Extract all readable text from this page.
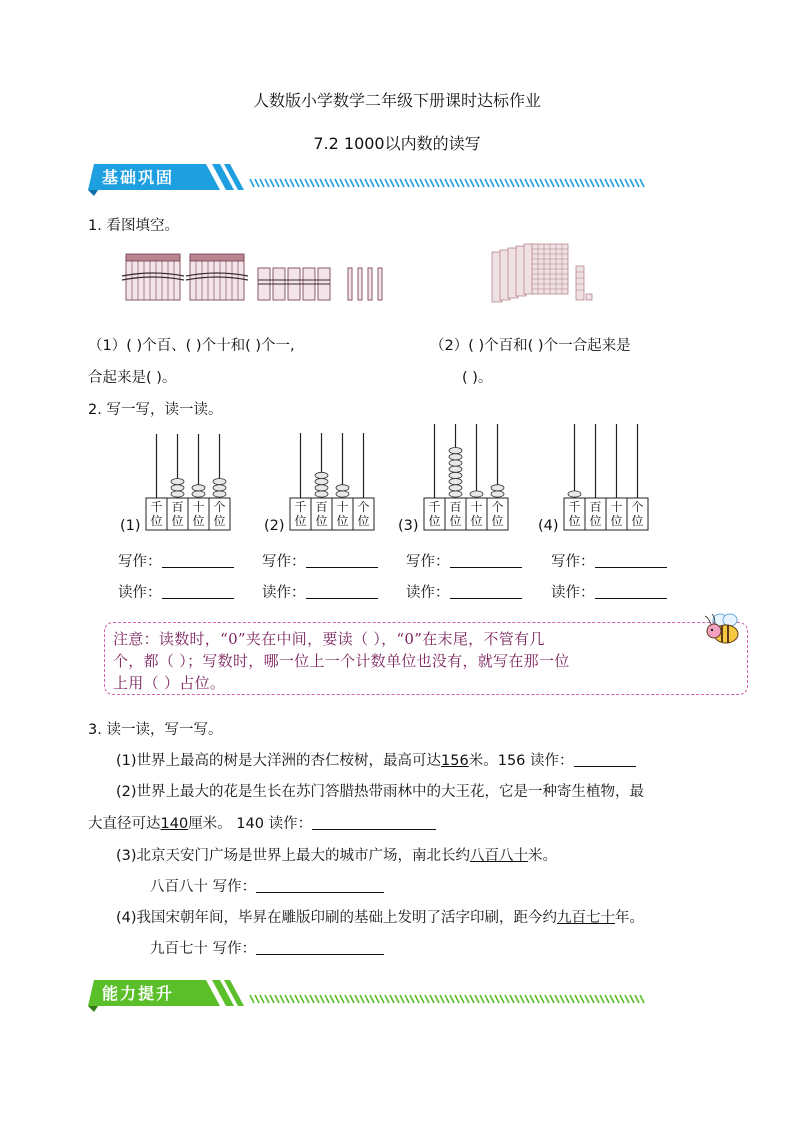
人数版小学数学二年级下册课时达标作业
7.2 1000以内数的读写
基础巩固
1. 看图填空。
（1）( )个百、( )个十和( )个一,
合起来是( )。
（2）( )个百和( )个一合起来是
( )。
2. 写一写，读一读。
(1)
千
位
百
位
十
位
个
位	(2)
千
位
百
位
十
位
个
位 (3)
千
位
百
位
十
位
个
位 (4)
千
位
百
位
十
位
个
位
写作：	写作：	写作：	写作：
读作：	读作：	读作：	读作：
注意：读数时，“0”夹在中间，要读（ ），“0”在末尾，不管有几
个，都（ ）；写数时，哪一位上一个计数单位也没有，就写在那一位
上用（ ）占位。
3. 读一读，写一写。
(1)世界上最高的树是大洋洲的杏仁桉树，最高可达156米。156 读作：
(2)世界上最大的花是生长在苏门答腊热带雨林中的大王花，它是一种寄生植物，最
大直径可达140厘米。 140 读作：
(3)北京天安门广场是世界上最大的城市广场，南北长约八百八十米。
八百八十 写作：
(4)我国宋朝年间，毕昇在雕版印刷的基础上发明了活字印刷，距今约九百七十年。
九百七十 写作：
能力提升
